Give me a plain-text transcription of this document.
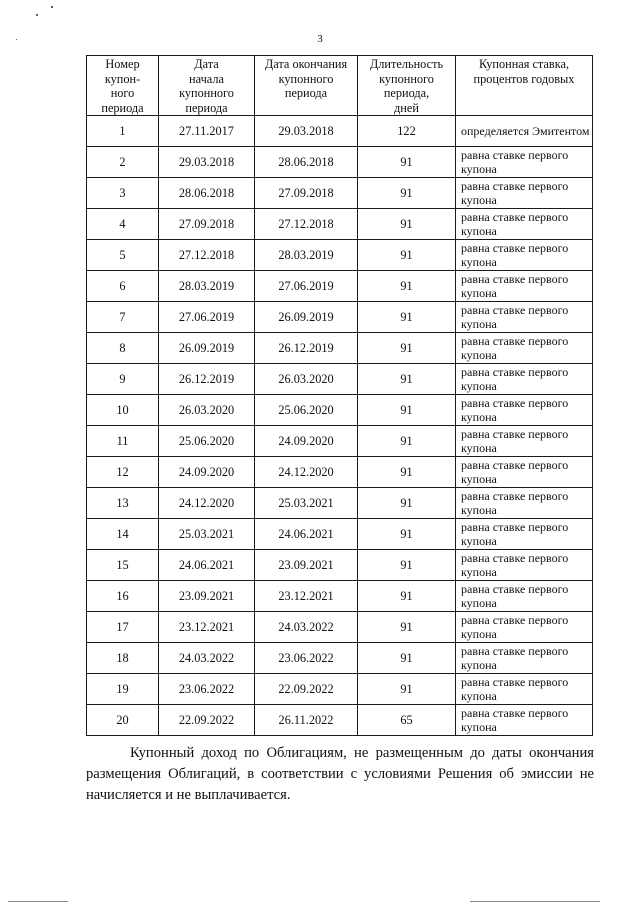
3
Номер
купон-
ного
периода	Дата
начала
купонного
периода	Дата окончания
купонного
периода	Длительность
купонного
периода,
дней	Купонная ставка,
процентов годовых
1	27.11.2017	29.03.2018	122	определяется Эмитентом
2	29.03.2018	28.06.2018	91	равна ставке первого купона
3	28.06.2018	27.09.2018	91	равна ставке первого купона
4	27.09.2018	27.12.2018	91	равна ставке первого купона
5	27.12.2018	28.03.2019	91	равна ставке первого купона
6	28.03.2019	27.06.2019	91	равна ставке первого купона
7	27.06.2019	26.09.2019	91	равна ставке первого купона
8	26.09.2019	26.12.2019	91	равна ставке первого купона
9	26.12.2019	26.03.2020	91	равна ставке первого купона
10	26.03.2020	25.06.2020	91	равна ставке первого купона
11	25.06.2020	24.09.2020	91	равна ставке первого купона
12	24.09.2020	24.12.2020	91	равна ставке первого купона
13	24.12.2020	25.03.2021	91	равна ставке первого купона
14	25.03.2021	24.06.2021	91	равна ставке первого купона
15	24.06.2021	23.09.2021	91	равна ставке первого купона
16	23.09.2021	23.12.2021	91	равна ставке первого купона
17	23.12.2021	24.03.2022	91	равна ставке первого купона
18	24.03.2022	23.06.2022	91	равна ставке первого купона
19	23.06.2022	22.09.2022	91	равна ставке первого купона
20	22.09.2022	26.11.2022	65	равна ставке первого купона
Купонный доход по Облигациям, не размещенным до даты окончания размещения Облигаций, в соответствии с условиями Решения об эмиссии не начисляется и не выплачивается.
